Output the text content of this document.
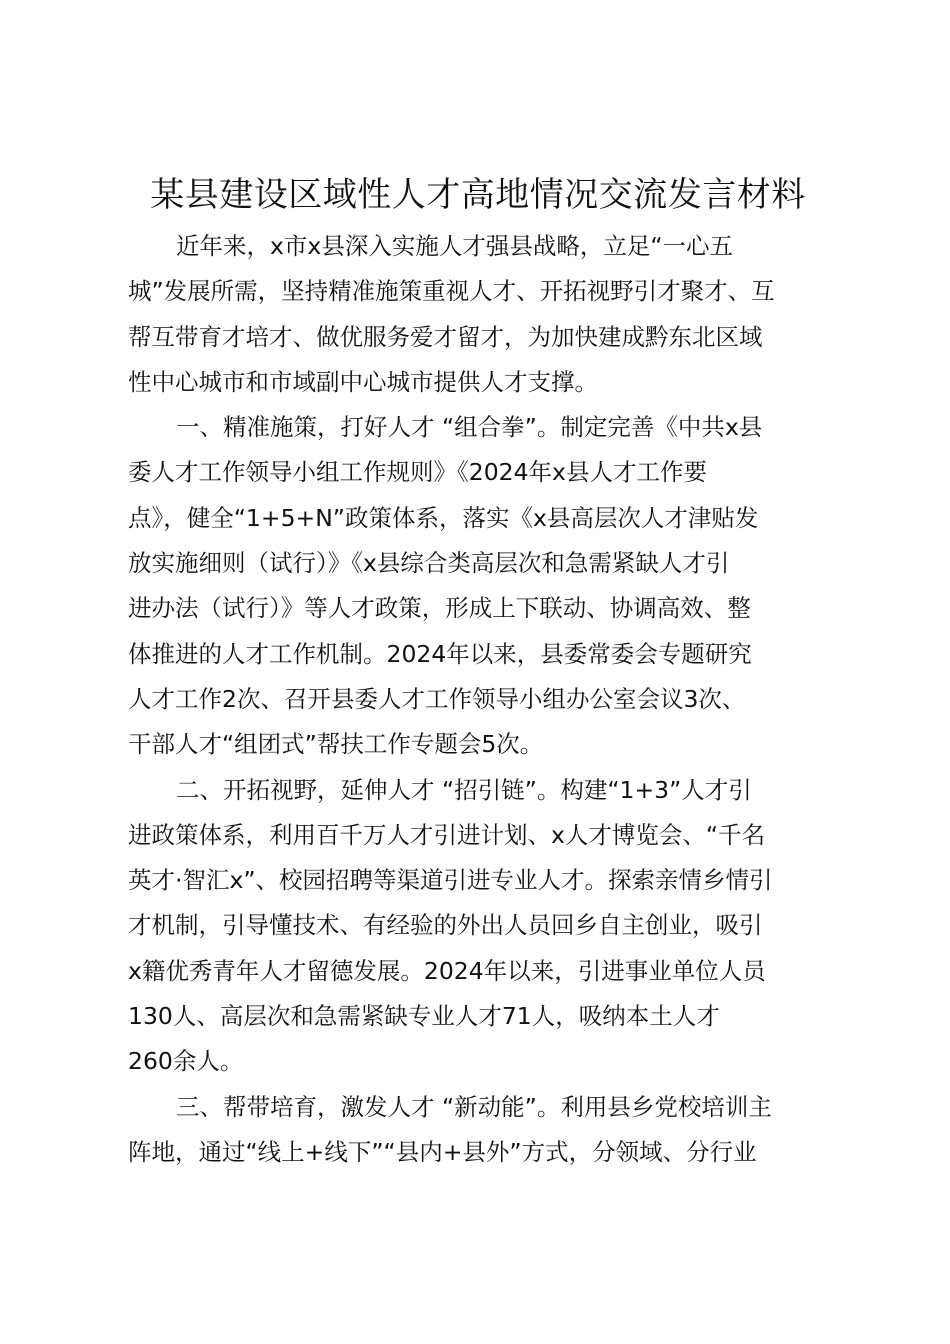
某县建设区域性人才高地情况交流发言材料
近年来，x市x县深入实施人才强县战略，立足“一心五
城”发展所需，坚持精准施策重视人才、开拓视野引才聚才、互
帮互带育才培才、做优服务爱才留才，为加快建成黔东北区域
性中心城市和市域副中心城市提供人才支撑。
一、精准施策，打好人才 “组合拳”。制定完善《中共x县
委人才工作领导小组工作规则》《2024年x县人才工作要
点》，健全“1+5+N”政策体系，落实《x县高层次人才津贴发
放实施细则（试行）》《x县综合类高层次和急需紧缺人才引
进办法（试行）》等人才政策，形成上下联动、协调高效、整
体推进的人才工作机制。2024年以来，县委常委会专题研究
人才工作2次、召开县委人才工作领导小组办公室会议3次、
干部人才“组团式”帮扶工作专题会5次。
二、开拓视野，延伸人才 “招引链”。构建“1+3”人才引
进政策体系，利用百千万人才引进计划、x人才博览会、“千名
英才·智汇x”、校园招聘等渠道引进专业人才。探索亲情乡情引
才机制，引导懂技术、有经验的外出人员回乡自主创业，吸引
x籍优秀青年人才留德发展。2024年以来，引进事业单位人员
130人、高层次和急需紧缺专业人才71人，吸纳本土人才
260余人。
三、帮带培育，激发人才 “新动能”。利用县乡党校培训主
阵地，通过“线上+线下”“县内+县外”方式，分领域、分行业
